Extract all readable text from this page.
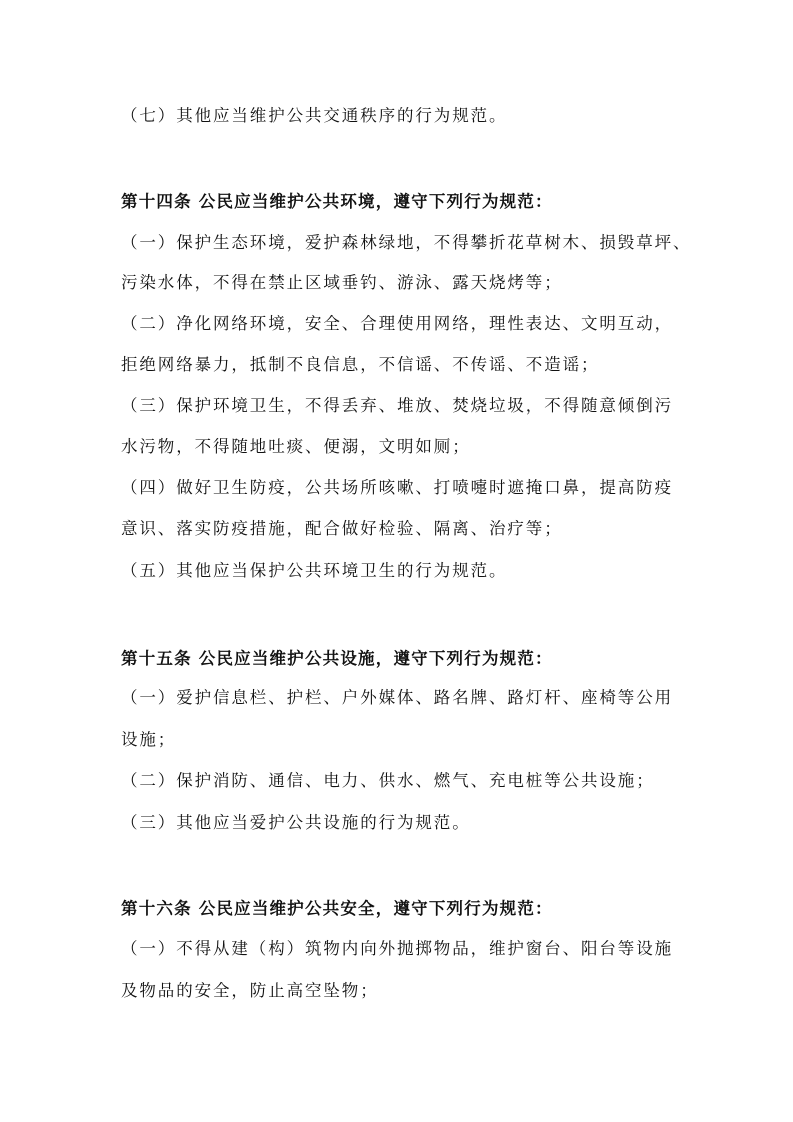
（七）其他应当维护公共交通秩序的行为规范。
第十四条 公民应当维护公共环境，遵守下列行为规范：
（一）保护生态环境，爱护森林绿地，不得攀折花草树木、损毁草坪、
污染水体，不得在禁止区域垂钓、游泳、露天烧烤等；
（二）净化网络环境，安全、合理使用网络，理性表达、文明互动，
拒绝网络暴力，抵制不良信息，不信谣、不传谣、不造谣；
（三）保护环境卫生，不得丢弃、堆放、焚烧垃圾，不得随意倾倒污
水污物，不得随地吐痰、便溺，文明如厕；
（四）做好卫生防疫，公共场所咳嗽、打喷嚏时遮掩口鼻，提高防疫
意识、落实防疫措施，配合做好检验、隔离、治疗等；
（五）其他应当保护公共环境卫生的行为规范。
第十五条 公民应当维护公共设施，遵守下列行为规范：
（一）爱护信息栏、护栏、户外媒体、路名牌、路灯杆、座椅等公用
设施；
（二）保护消防、通信、电力、供水、燃气、充电桩等公共设施；
（三）其他应当爱护公共设施的行为规范。
第十六条 公民应当维护公共安全，遵守下列行为规范：
（一）不得从建（构）筑物内向外抛掷物品，维护窗台、阳台等设施
及物品的安全，防止高空坠物；
